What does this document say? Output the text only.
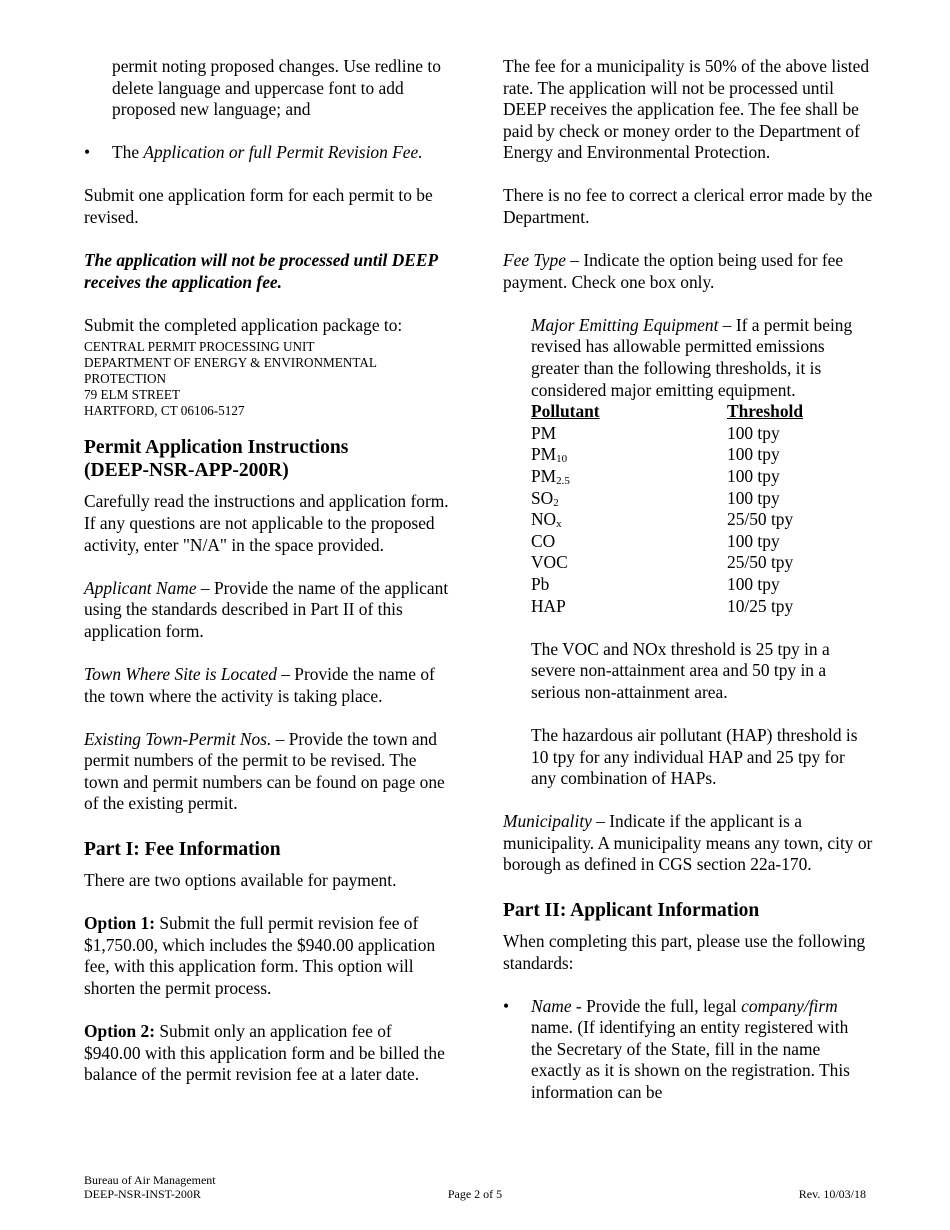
permit noting proposed changes. Use redline to delete language and uppercase font to add proposed new language; and

• The Application or full Permit Revision Fee.

Submit one application form for each permit to be revised.

The application will not be processed until DEEP receives the application fee.

Submit the completed application package to:

CENTRAL PERMIT PROCESSING UNIT
DEPARTMENT OF ENERGY & ENVIRONMENTAL PROTECTION
79 ELM STREET
HARTFORD, CT 06106-5127
Permit Application Instructions
(DEEP-NSR-APP-200R)

Carefully read the instructions and application form. If any questions are not applicable to the proposed activity, enter "N/A" in the space provided.

Applicant Name – Provide the name of the applicant using the standards described in Part II of this application form.

Town Where Site is Located – Provide the name of the town where the activity is taking place.

Existing Town-Permit Nos. – Provide the town and permit numbers of the permit to be revised. The town and permit numbers can be found on page one of the existing permit.

Part I: Fee Information

There are two options available for payment.

Option 1: Submit the full permit revision fee of $1,750.00, which includes the $940.00 application fee, with this application form. This option will shorten the permit process.

Option 2: Submit only an application fee of $940.00 with this application form and be billed the balance of the permit revision fee at a later date.

The fee for a municipality is 50% of the above listed rate. The application will not be processed until DEEP receives the application fee. The fee shall be paid by check or money order to the Department of Energy and Environmental Protection.

There is no fee to correct a clerical error made by the Department.

Fee Type – Indicate the option being used for fee payment. Check one box only.

Major Emitting Equipment – If a permit being revised has allowable permitted emissions greater than the following thresholds, it is considered major emitting equipment.

Pollutant	Threshold
PM	100 tpy
$PM_{10}$	100 tpy
$PM_{2.5}$	100 tpy
$SO_2$	100 tpy
$NO_x$	25/50 tpy
CO	100 tpy
VOC	25/50 tpy
Pb	100 tpy
HAP	10/25 tpy

The VOC and NOx threshold is 25 tpy in a severe non-attainment area and 50 tpy in a serious non-attainment area.

The hazardous air pollutant (HAP) threshold is 10 tpy for any individual HAP and 25 tpy for any combination of HAPs.

Municipality – Indicate if the applicant is a municipality. A municipality means any town, city or borough as defined in CGS section 22a-170.

Part II: Applicant Information

When completing this part, please use the following standards:

• Name - Provide the full, legal company/firm name. (If identifying an entity registered with the Secretary of the State, fill in the name exactly as it is shown on the registration. This information can be

Bureau of Air Management
DEEP-NSR-INST-200R	Page 2 of 5	Rev. 10/03/18
